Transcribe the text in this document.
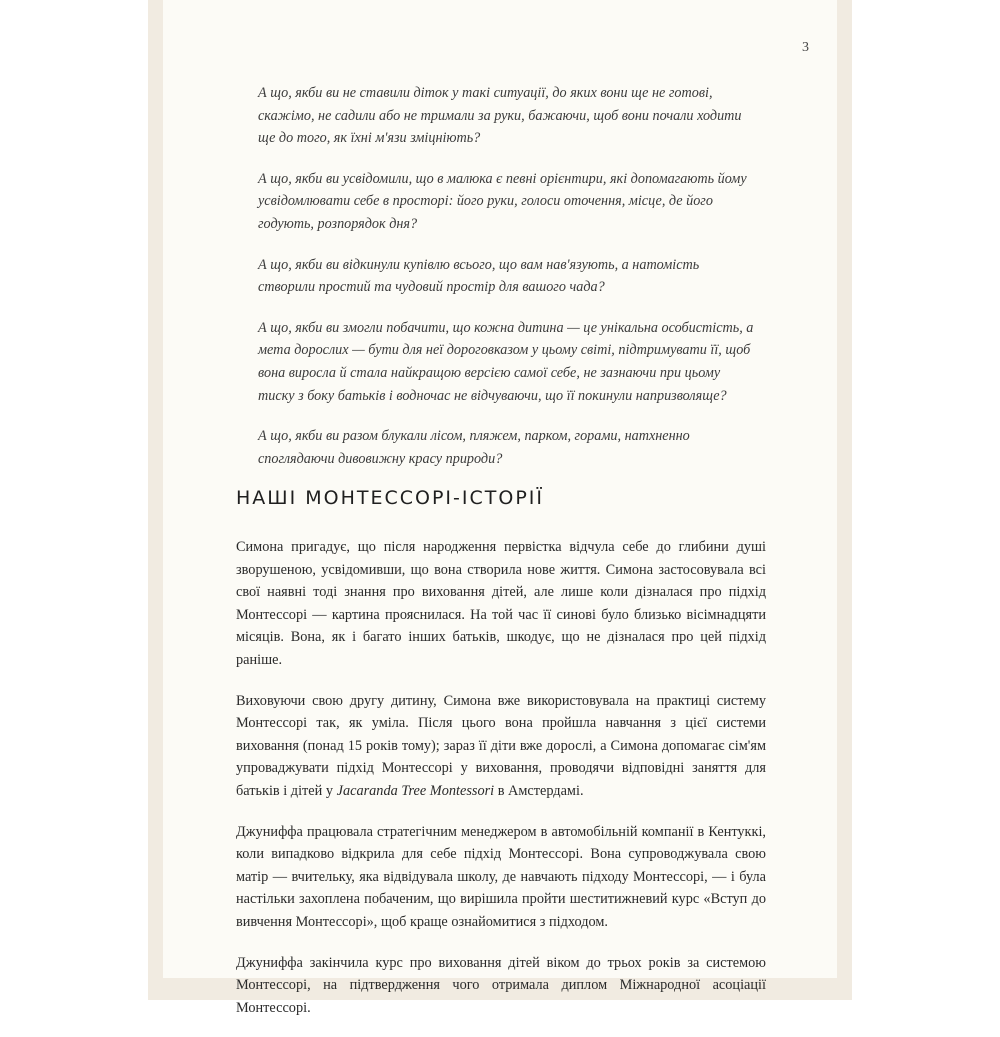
3

А що, якби ви не ставили діток у такі ситуації, до яких вони ще не готові, скажімо, не садили або не тримали за руки, бажаючи, щоб вони почали ходити ще до того, як їхні м'язи зміцніють?

А що, якби ви усвідомили, що в малюка є певні орієнтири, які допомагають йому усвідомлювати себе в просторі: його руки, голоси оточення, місце, де його годують, розпорядок дня?

А що, якби ви відкинули купівлю всього, що вам нав'язують, а натомість створили простий та чудовий простір для вашого чада?

А що, якби ви змогли побачити, що кожна дитина — це унікальна особистість, а мета дорослих — бути для неї дороговказом у цьому світі, підтримувати її, щоб вона виросла й стала найкращою версією самої себе, не зазнаючи при цьому тиску з боку батьків і водночас не відчуваючи, що її покинули напризволяще?

А що, якби ви разом блукали лісом, пляжем, парком, горами, натхненно споглядаючи дивовижну красу природи?

НАШІ МОНТЕССОРІ-ІСТОРІЇ

Симона пригадує, що після народження первістка відчула себе до глибини душі зворушеною, усвідомивши, що вона створила нове життя. Симона застосовувала всі свої наявні тоді знання про виховання дітей, але лише коли дізналася про підхід Монтессорі — картина прояснилася. На той час її синові було близько вісімнадцяти місяців. Вона, як і багато інших батьків, шкодує, що не дізналася про цей підхід раніше.

Виховуючи свою другу дитину, Симона вже використовувала на практиці систему Монтессорі так, як уміла. Після цього вона пройшла навчання з цієї системи виховання (понад 15 років тому); зараз її діти вже дорослі, а Симона допомагає сім'ям упроваджувати підхід Монтессорі у виховання, проводячи відповідні заняття для батьків і дітей у Jacaranda Tree Montessori в Амстердамі.

Джуниффа працювала стратегічним менеджером в автомобільній компанії в Кентуккі, коли випадково відкрила для себе підхід Монтессорі. Вона супроводжувала свою матір — вчительку, яка відвідувала школу, де навчають підходу Монтессорі, — і була настільки захоплена побаченим, що вирішила пройти шеститижневий курс «Вступ до вивчення Монтессорі», щоб краще ознайомитися з підходом.

Джуниффа закінчила курс про виховання дітей віком до трьох років за системою Монтессорі, на підтвердження чого отримала диплом Міжнародної асоціації Монтессорі.
